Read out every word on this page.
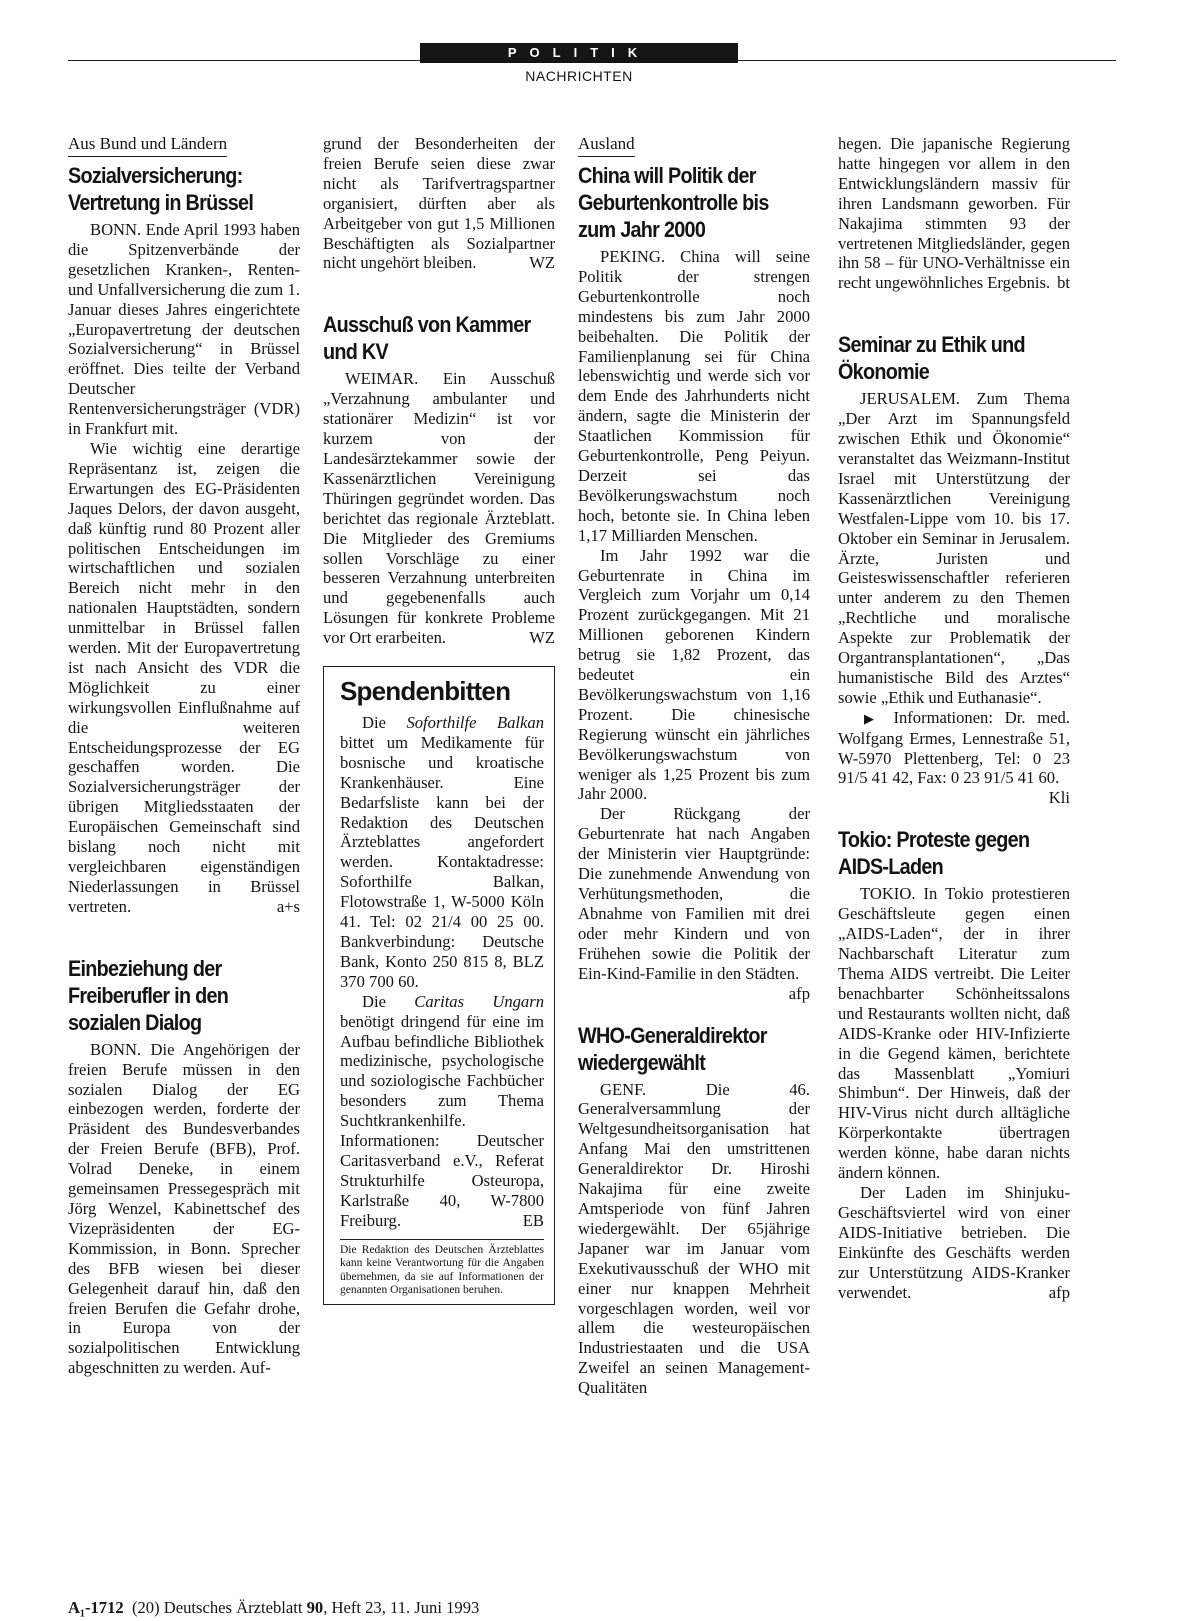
POLITIK
NACHRICHTEN
Aus Bund und Ländern
Sozialversicherung: Vertretung in Brüssel

BONN. Ende April 1993 haben die Spitzenverbände der gesetzlichen Kranken-, Renten- und Unfallversicherung die zum 1. Januar dieses Jahres eingerichtete „Europavertretung der deutschen Sozialversicherung“ in Brüssel eröffnet. Dies teilte der Verband Deutscher Rentenversicherungsträger (VDR) in Frankfurt mit.

Wie wichtig eine derartige Repräsentanz ist, zeigen die Erwartungen des EG-Präsidenten Jaques Delors, der davon ausgeht, daß künftig rund 80 Prozent aller politischen Entscheidungen im wirtschaftlichen und sozialen Bereich nicht mehr in den nationalen Hauptstädten, sondern unmittelbar in Brüssel fallen werden. Mit der Europavertretung ist nach Ansicht des VDR die Möglichkeit zu einer wirkungsvollen Einflußnahme auf die weiteren Entscheidungsprozesse der EG geschaffen worden. Die Sozialversicherungsträger der übrigen Mitgliedsstaaten der Europäischen Gemeinschaft sind bislang noch nicht mit vergleichbaren eigenständigen Niederlassungen in Brüssel vertreten.	a+s

Einbeziehung der Freiberufler in den sozialen Dialog

BONN. Die Angehörigen der freien Berufe müssen in den sozialen Dialog der EG einbezogen werden, forderte der Präsident des Bundesverbandes der Freien Berufe (BFB), Prof. Volrad Deneke, in einem gemeinsamen Pressegespräch mit Jörg Wenzel, Kabinettschef des Vizepräsidenten der EG-Kommission, in Bonn. Sprecher des BFB wiesen bei dieser Gelegenheit darauf hin, daß den freien Berufen die Gefahr drohe, in Europa von der sozialpolitischen Entwicklung abgeschnitten zu werden. Auf-

grund der Besonderheiten der freien Berufe seien diese zwar nicht als Tarifvertragspartner organisiert, dürften aber als Arbeitgeber von gut 1,5 Millionen Beschäftigten als Sozialpartner nicht ungehört bleiben.	WZ

Ausschuß von Kammer und KV

WEIMAR. Ein Ausschuß „Verzahnung ambulanter und stationärer Medizin“ ist vor kurzem von der Landesärztekammer sowie der Kassenärztlichen Vereinigung Thüringen gegründet worden. Das berichtet das regionale Ärzteblatt. Die Mitglieder des Gremiums sollen Vorschläge zu einer besseren Verzahnung unterbreiten und gegebenenfalls auch Lösungen für konkrete Probleme vor Ort erarbeiten.	WZ

Spendenbitten

Die Soforthilfe Balkan bittet um Medikamente für bosnische und kroatische Krankenhäuser. Eine Bedarfsliste kann bei der Redaktion des Deutschen Ärzteblattes angefordert werden. Kontaktadresse: Soforthilfe Balkan, Flotowstraße 1, W-5000 Köln 41. Tel: 02 21/4 00 25 00. Bankverbindung: Deutsche Bank, Konto 250 815 8, BLZ 370 700 60.

Die Caritas Ungarn benötigt dringend für eine im Aufbau befindliche Bibliothek medizinische, psychologische und soziologische Fachbücher besonders zum Thema Suchtkrankenhilfe. Informationen: Deutscher Caritasverband e.V., Referat Strukturhilfe Osteuropa, Karlstraße 40, W-7800 Freiburg.	EB

Die Redaktion des Deutschen Ärzteblattes kann keine Verantwortung für die Angaben übernehmen, da sie auf Informationen der genannten Organisationen beruhen.
Ausland
China will Politik der Geburtenkontrolle bis zum Jahr 2000

PEKING. China will seine Politik der strengen Geburtenkontrolle noch mindestens bis zum Jahr 2000 beibehalten. Die Politik der Familienplanung sei für China lebenswichtig und werde sich vor dem Ende des Jahrhunderts nicht ändern, sagte die Ministerin der Staatlichen Kommission für Geburtenkontrolle, Peng Peiyun. Derzeit sei das Bevölkerungswachstum noch hoch, betonte sie. In China leben 1,17 Milliarden Menschen.

Im Jahr 1992 war die Geburtenrate in China im Vergleich zum Vorjahr um 0,14 Prozent zurückgegangen. Mit 21 Millionen geborenen Kindern betrug sie 1,82 Prozent, das bedeutet ein Bevölkerungswachstum von 1,16 Prozent. Die chinesische Regierung wünscht ein jährliches Bevölkerungswachstum von weniger als 1,25 Prozent bis zum Jahr 2000.

Der Rückgang der Geburtenrate hat nach Angaben der Ministerin vier Hauptgründe: Die zunehmende Anwendung von Verhütungsmethoden, die Abnahme von Familien mit drei oder mehr Kindern und von Frühehen sowie die Politik der Ein-Kind-Familie in den Städten.
afp

WHO-Generaldirektor wiedergewählt

GENF. Die 46. Generalversammlung der Weltgesundheitsorganisation hat Anfang Mai den umstrittenen Generaldirektor Dr. Hiroshi Nakajima für eine zweite Amtsperiode von fünf Jahren wiedergewählt. Der 65jährige Japaner war im Januar vom Exekutivausschuß der WHO mit einer nur knappen Mehrheit vorgeschlagen worden, weil vor allem die westeuropäischen Industriestaaten und die USA Zweifel an seinen Management-Qualitäten

hegen. Die japanische Regierung hatte hingegen vor allem in den Entwicklungsländern massiv für ihren Landsmann geworben. Für Nakajima stimmten 93 der vertretenen Mitgliedsländer, gegen ihn 58 – für UNO-Verhältnisse ein recht ungewöhnliches Ergebnis. bt

Seminar zu Ethik und Ökonomie

JERUSALEM. Zum Thema „Der Arzt im Spannungsfeld zwischen Ethik und Ökonomie“ veranstaltet das Weizmann-Institut Israel mit Unterstützung der Kassenärztlichen Vereinigung Westfalen-Lippe vom 10. bis 17. Oktober ein Seminar in Jerusalem. Ärzte, Juristen und Geisteswissenschaftler referieren unter anderem zu den Themen „Rechtliche und moralische Aspekte zur Problematik der Organtransplantationen“, „Das humanistische Bild des Arztes“ sowie „Ethik und Euthanasie“.

▶ Informationen: Dr. med. Wolfgang Ermes, Lennestraße 51, W-5970 Plettenberg, Tel: 0 23 91/5 41 42, Fax: 0 23 91/5 41 60.
Kli

Tokio: Proteste gegen AIDS-Laden

TOKIO. In Tokio protestieren Geschäftsleute gegen einen „AIDS-Laden“, der in ihrer Nachbarschaft Literatur zum Thema AIDS vertreibt. Die Leiter benachbarter Schönheitssalons und Restaurants wollten nicht, daß AIDS-Kranke oder HIV-Infizierte in die Gegend kämen, berichtete das Massenblatt „Yomiuri Shimbun“. Der Hinweis, daß der HIV-Virus nicht durch alltägliche Körperkontakte übertragen werden könne, habe daran nichts ändern können.

Der Laden im Shinjuku-Geschäftsviertel wird von einer AIDS-Initiative betrieben. Die Einkünfte des Geschäfts werden zur Unterstützung AIDS-Kranker verwendet.	afp

A₁-1712 (20) Deutsches Ärzteblatt 90, Heft 23, 11. Juni 1993
